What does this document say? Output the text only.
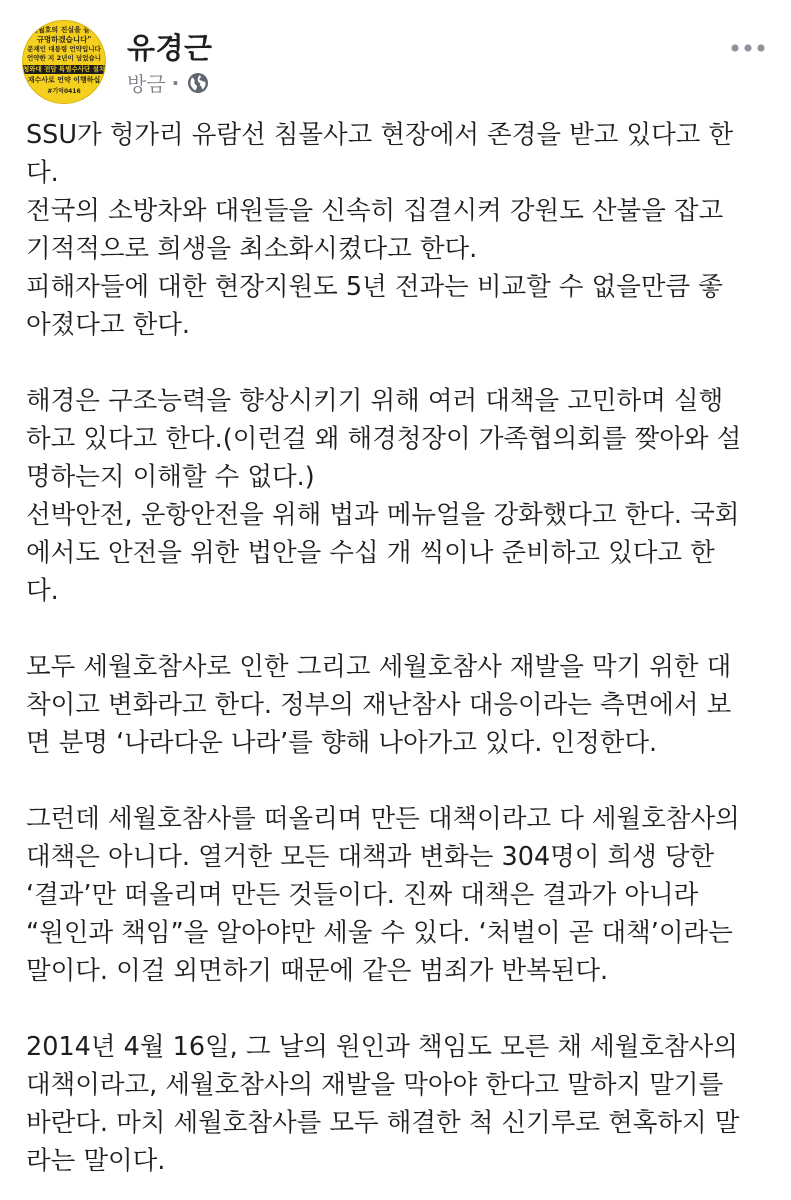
세월호의 진실을 끝까
규명하겠습니다"
문재인 대통령 언약입니다
언약한 지 2년이 넘었습니
청와대 전담 특별수사단 설치
재수사로 언약 이행하십
#기억0416
유경근
방금 ·

SSU가 헝가리 유람선 침몰사고 현장에서 존경을 받고 있다고 한

다.

전국의 소방차와 대원들을 신속히 집결시켜 강원도 산불을 잡고

기적적으로 희생을 최소화시켰다고 한다.

피해자들에 대한 현장지원도 5년 전과는 비교할 수 없을만큼 좋

아졌다고 한다.

해경은 구조능력을 향상시키기 위해 여러 대책을 고민하며 실행

하고 있다고 한다.(이런걸 왜 해경청장이 가족협의회를 짲아와 설

명하는지 이해할 수 없다.)

선박안전, 운항안전을 위해 법과 메뉴얼을 강화했다고 한다. 국회

에서도 안전을 위한 법안을 수십 개 씩이나 준비하고 있다고 한

다.

모두 세월호참사로 인한 그리고 세월호참사 재발을 막기 위한 대

착이고 변화라고 한다. 정부의 재난참사 대응이라는 측면에서 보

면 분명 ‘나라다운 나라’를 향해 나아가고 있다. 인정한다.

그런데 세월호참사를 떠올리며 만든 대책이라고 다 세월호참사의

대책은 아니다. 열거한 모든 대책과 변화는 304명이 희생 당한

‘결과’만 떠올리며 만든 것들이다. 진짜 대책은 결과가 아니라

“원인과 책임”을 알아야만 세울 수 있다. ‘처벌이 곧 대책’이라는

말이다. 이걸 외면하기 때문에 같은 범죄가 반복된다.

2014년 4월 16일, 그 날의 원인과 책임도 모른 채 세월호참사의

대책이라고, 세월호참사의 재발을 막아야 한다고 말하지 말기를

바란다. 마치 세월호참사를 모두 해결한 척 신기루로 현혹하지 말

라는 말이다.
